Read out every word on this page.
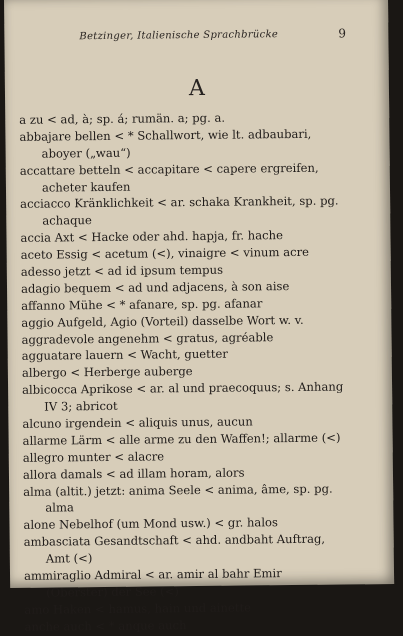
Betzinger, Italienische Sprachbrücke	9
A
a zu < ad, à; sp. á; rumän. a; pg. a.
abbajare bellen < * Schallwort, wie lt. adbaubari,
aboyer („wau“)
accattare betteln < accapitare < capere ergreifen,
acheter kaufen
acciacco Kränklichkeit < ar. schaka Krankheit, sp. pg.
achaque
accia Axt < Hacke oder ahd. hapja, fr. hache
aceto Essig < acetum (<), vinaigre < vinum acre
adesso jetzt < ad id ipsum tempus
adagio bequem < ad und adjacens, à son aise
affanno Mühe < * afanare, sp. pg. afanar
aggio Aufgeld, Agio (Vorteil) dasselbe Wort w. v.
aggradevole angenehm < gratus, agréable
agguatare lauern < Wacht, guetter
albergo < Herberge auberge
albicocca Aprikose < ar. al und praecoquus; s. Anhang
IV 3; abricot
alcuno irgendein < aliquis unus, aucun
allarme Lärm < alle arme zu den Waffen!; allarme (<)
allegro munter < alacre
allora damals < ad illam horam, alors
alma (altit.) jetzt: anima Seele < anima, âme, sp. pg.
alma
alone Nebelhof (um Mond usw.) < gr. halos
ambasciata Gesandtschaft < ahd. andbaht Auftrag,
Amt (<)
ammiraglio Admiral < ar. amir al bahr Emir
(Oberster) der See (<)
amo Haken < hamus, hain und ainette
anche auch < * anque auch
